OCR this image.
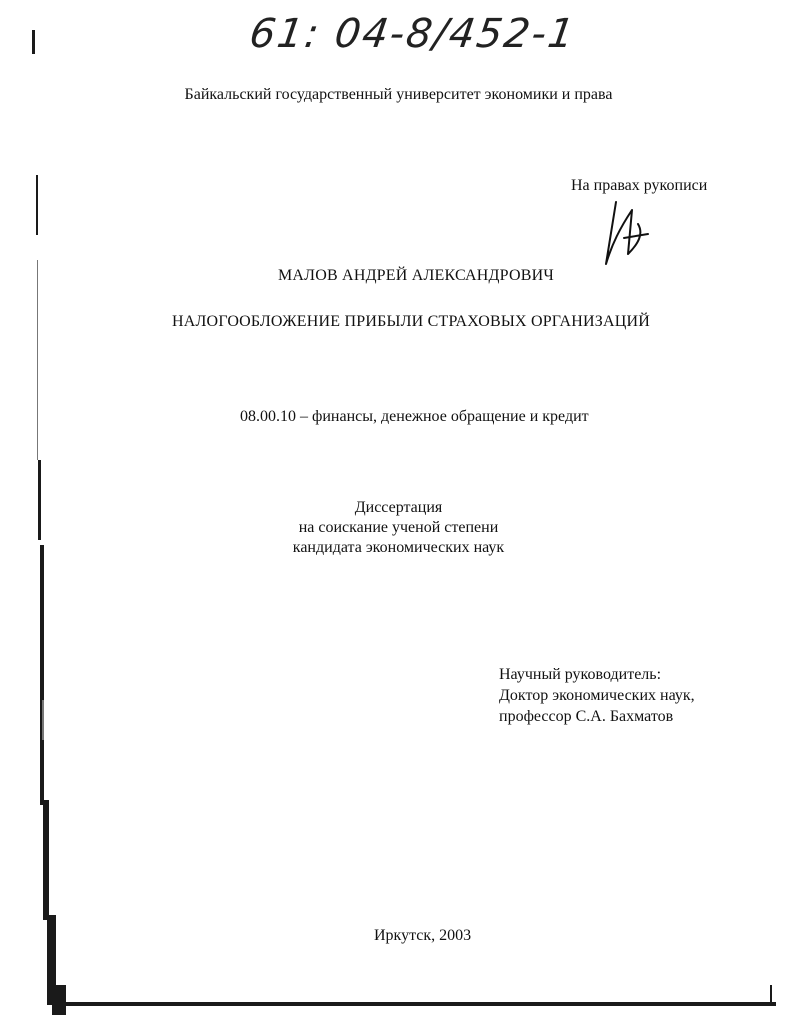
61: 04-8/452-1
Байкальский государственный университет экономики и права
На правах рукописи
МАЛОВ АНДРЕЙ АЛЕКСАНДРОВИЧ
НАЛОГООБЛОЖЕНИЕ ПРИБЫЛИ СТРАХОВЫХ ОРГАНИЗАЦИЙ
08.00.10 – финансы, денежное обращение и кредит
Диссертация
на соискание ученой степени
кандидата экономических наук
Научный руководитель:
Доктор экономических наук,
профессор С.А. Бахматов
Иркутск, 2003
